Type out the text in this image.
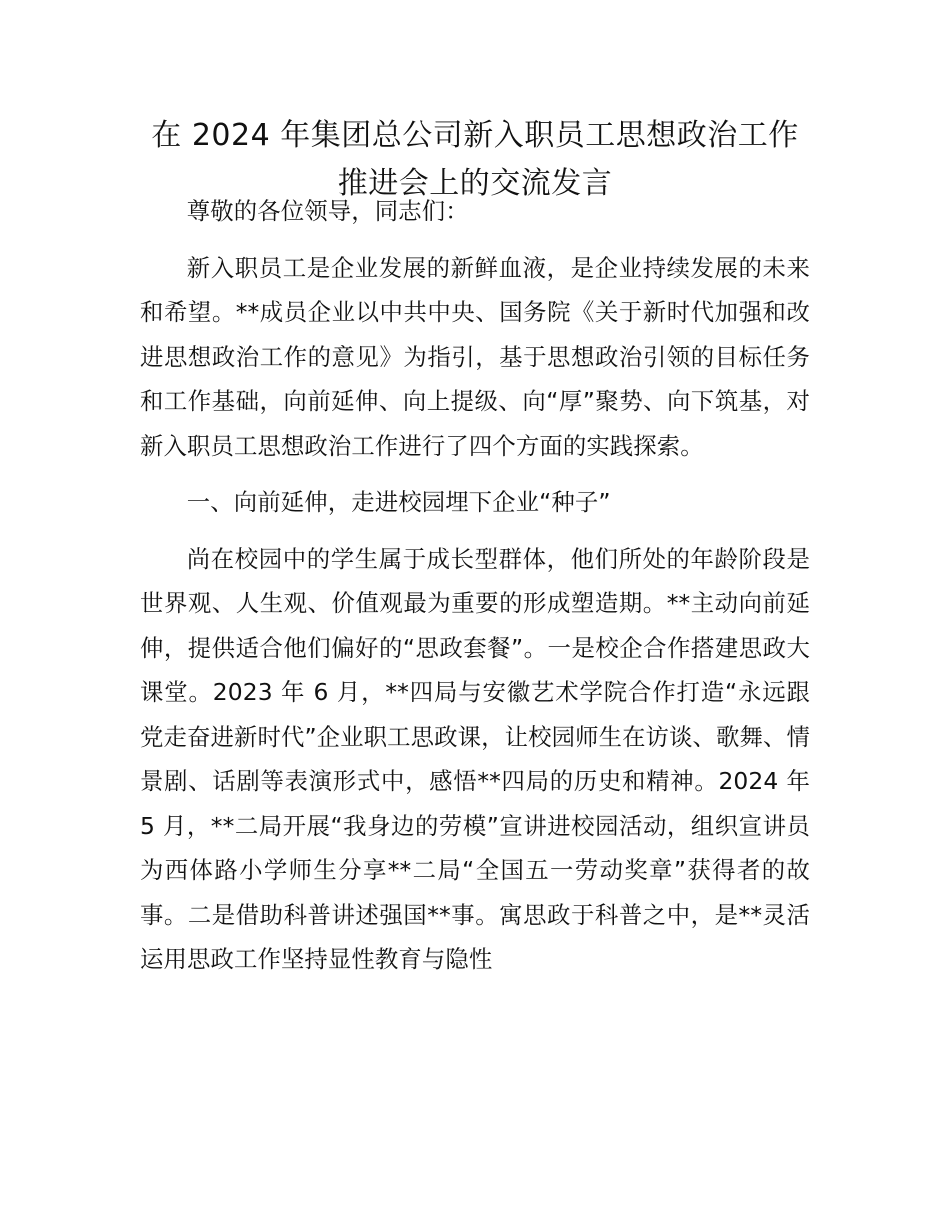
在 2024 年集团总公司新入职员工思想政治工作推进会上的交流发言

尊敬的各位领导，同志们：

新入职员工是企业发展的新鲜血液，是企业持续发展的未来和希望。**成员企业以中共中央、国务院《关于新时代加强和改进思想政治工作的意见》为指引，基于思想政治引领的目标任务和工作基础，向前延伸、向上提级、向“厚”聚势、向下筑基，对新入职员工思想政治工作进行了四个方面的实践探索。

一、向前延伸，走进校园埋下企业“种子”

尚在校园中的学生属于成长型群体，他们所处的年龄阶段是世界观、人生观、价值观最为重要的形成塑造期。**主动向前延伸，提供适合他们偏好的“思政套餐”。一是校企合作搭建思政大课堂。2023 年 6 月，**四局与安徽艺术学院合作打造“永远跟党走奋进新时代”企业职工思政课，让校园师生在访谈、歌舞、情景剧、话剧等表演形式中，感悟**四局的历史和精神。2024 年 5 月，**二局开展“我身边的劳模”宣讲进校园活动，组织宣讲员为西体路小学师生分享**二局“全国五一劳动奖章”获得者的故事。二是借助科普讲述强国**事。寓思政于科普之中，是**灵活运用思政工作坚持显性教育与隐性
